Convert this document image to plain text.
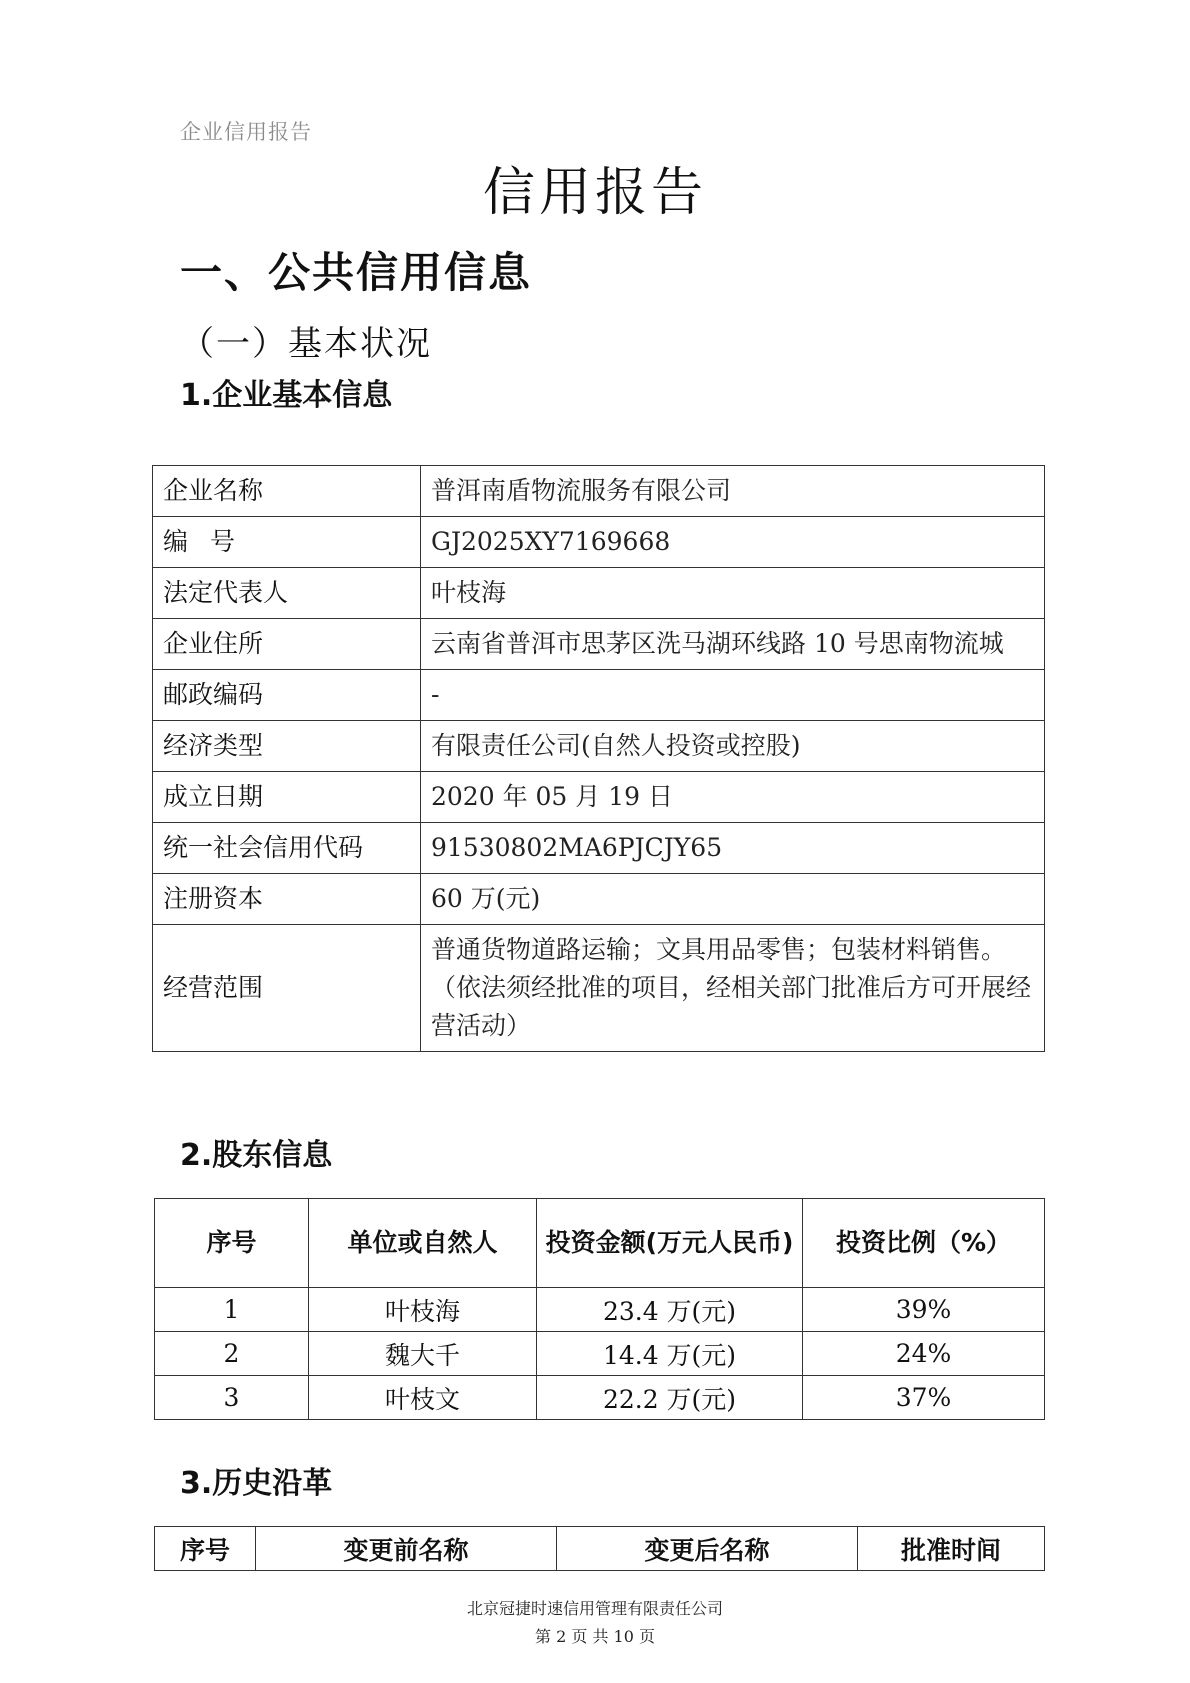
企业信用报告
信用报告
一、公共信用信息
（一）基本状况
1.企业基本信息
企业名称	普洱南盾物流服务有限公司
编号	GJ2025XY7169668
法定代表人	叶枝海
企业住所	云南省普洱市思茅区洗马湖环线路 10 号思南物流城
邮政编码	-
经济类型	有限责任公司(自然人投资或控股)
成立日期	2020 年 05 月 19 日
统一社会信用代码	91530802MA6PJCJY65
注册资本	60 万(元)
经营范围	普通货物道路运输；文具用品零售；包装材料销售。（依法须经批准的项目，经相关部门批准后方可开展经营活动）
2.股东信息
序号	单位或自然人	投资金额(万元人民币)	投资比例（%）
1	叶枝海	23.4 万(元)	39%
2	魏大千	14.4 万(元)	24%
3	叶枝文	22.2 万(元)	37%
3.历史沿革
序号	变更前名称	变更后名称	批准时间
北京冠捷时速信用管理有限责任公司
第 2 页 共 10 页
